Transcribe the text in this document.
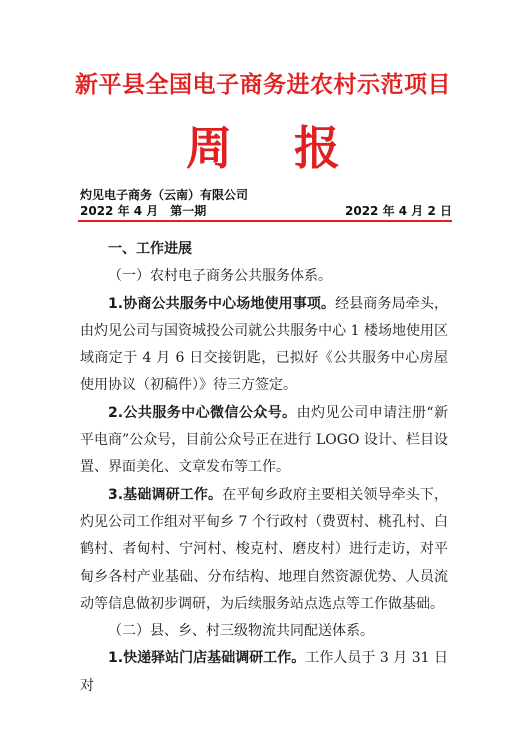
新平县全国电子商务进农村示范项目
周报
灼见电子商务（云南）有限公司
2022 年 4 月　第一期	2022 年 4 月 2 日

一、工作进展

（一）农村电子商务公共服务体系。

1.协商公共服务中心场地使用事项。经县商务局牵头，由灼见公司与国资城投公司就公共服务中心 1 楼场地使用区域商定于 4 月 6 日交接钥匙，已拟好《公共服务中心房屋使用协议（初稿件）》待三方签定。

2.公共服务中心微信公众号。由灼见公司申请注册“新平电商”公众号，目前公众号正在进行 LOGO 设计、栏目设置、界面美化、文章发布等工作。

3.基础调研工作。在平甸乡政府主要相关领导牵头下，灼见公司工作组对平甸乡 7 个行政村（费贾村、桃孔村、白鹤村、者甸村、宁河村、梭克村、磨皮村）进行走访，对平甸乡各村产业基础、分布结构、地理自然资源优势、人员流动等信息做初步调研，为后续服务站点选点等工作做基础。

（二）县、乡、村三级物流共同配送体系。

1.快递驿站门店基础调研工作。工作人员于 3 月 31 日对
